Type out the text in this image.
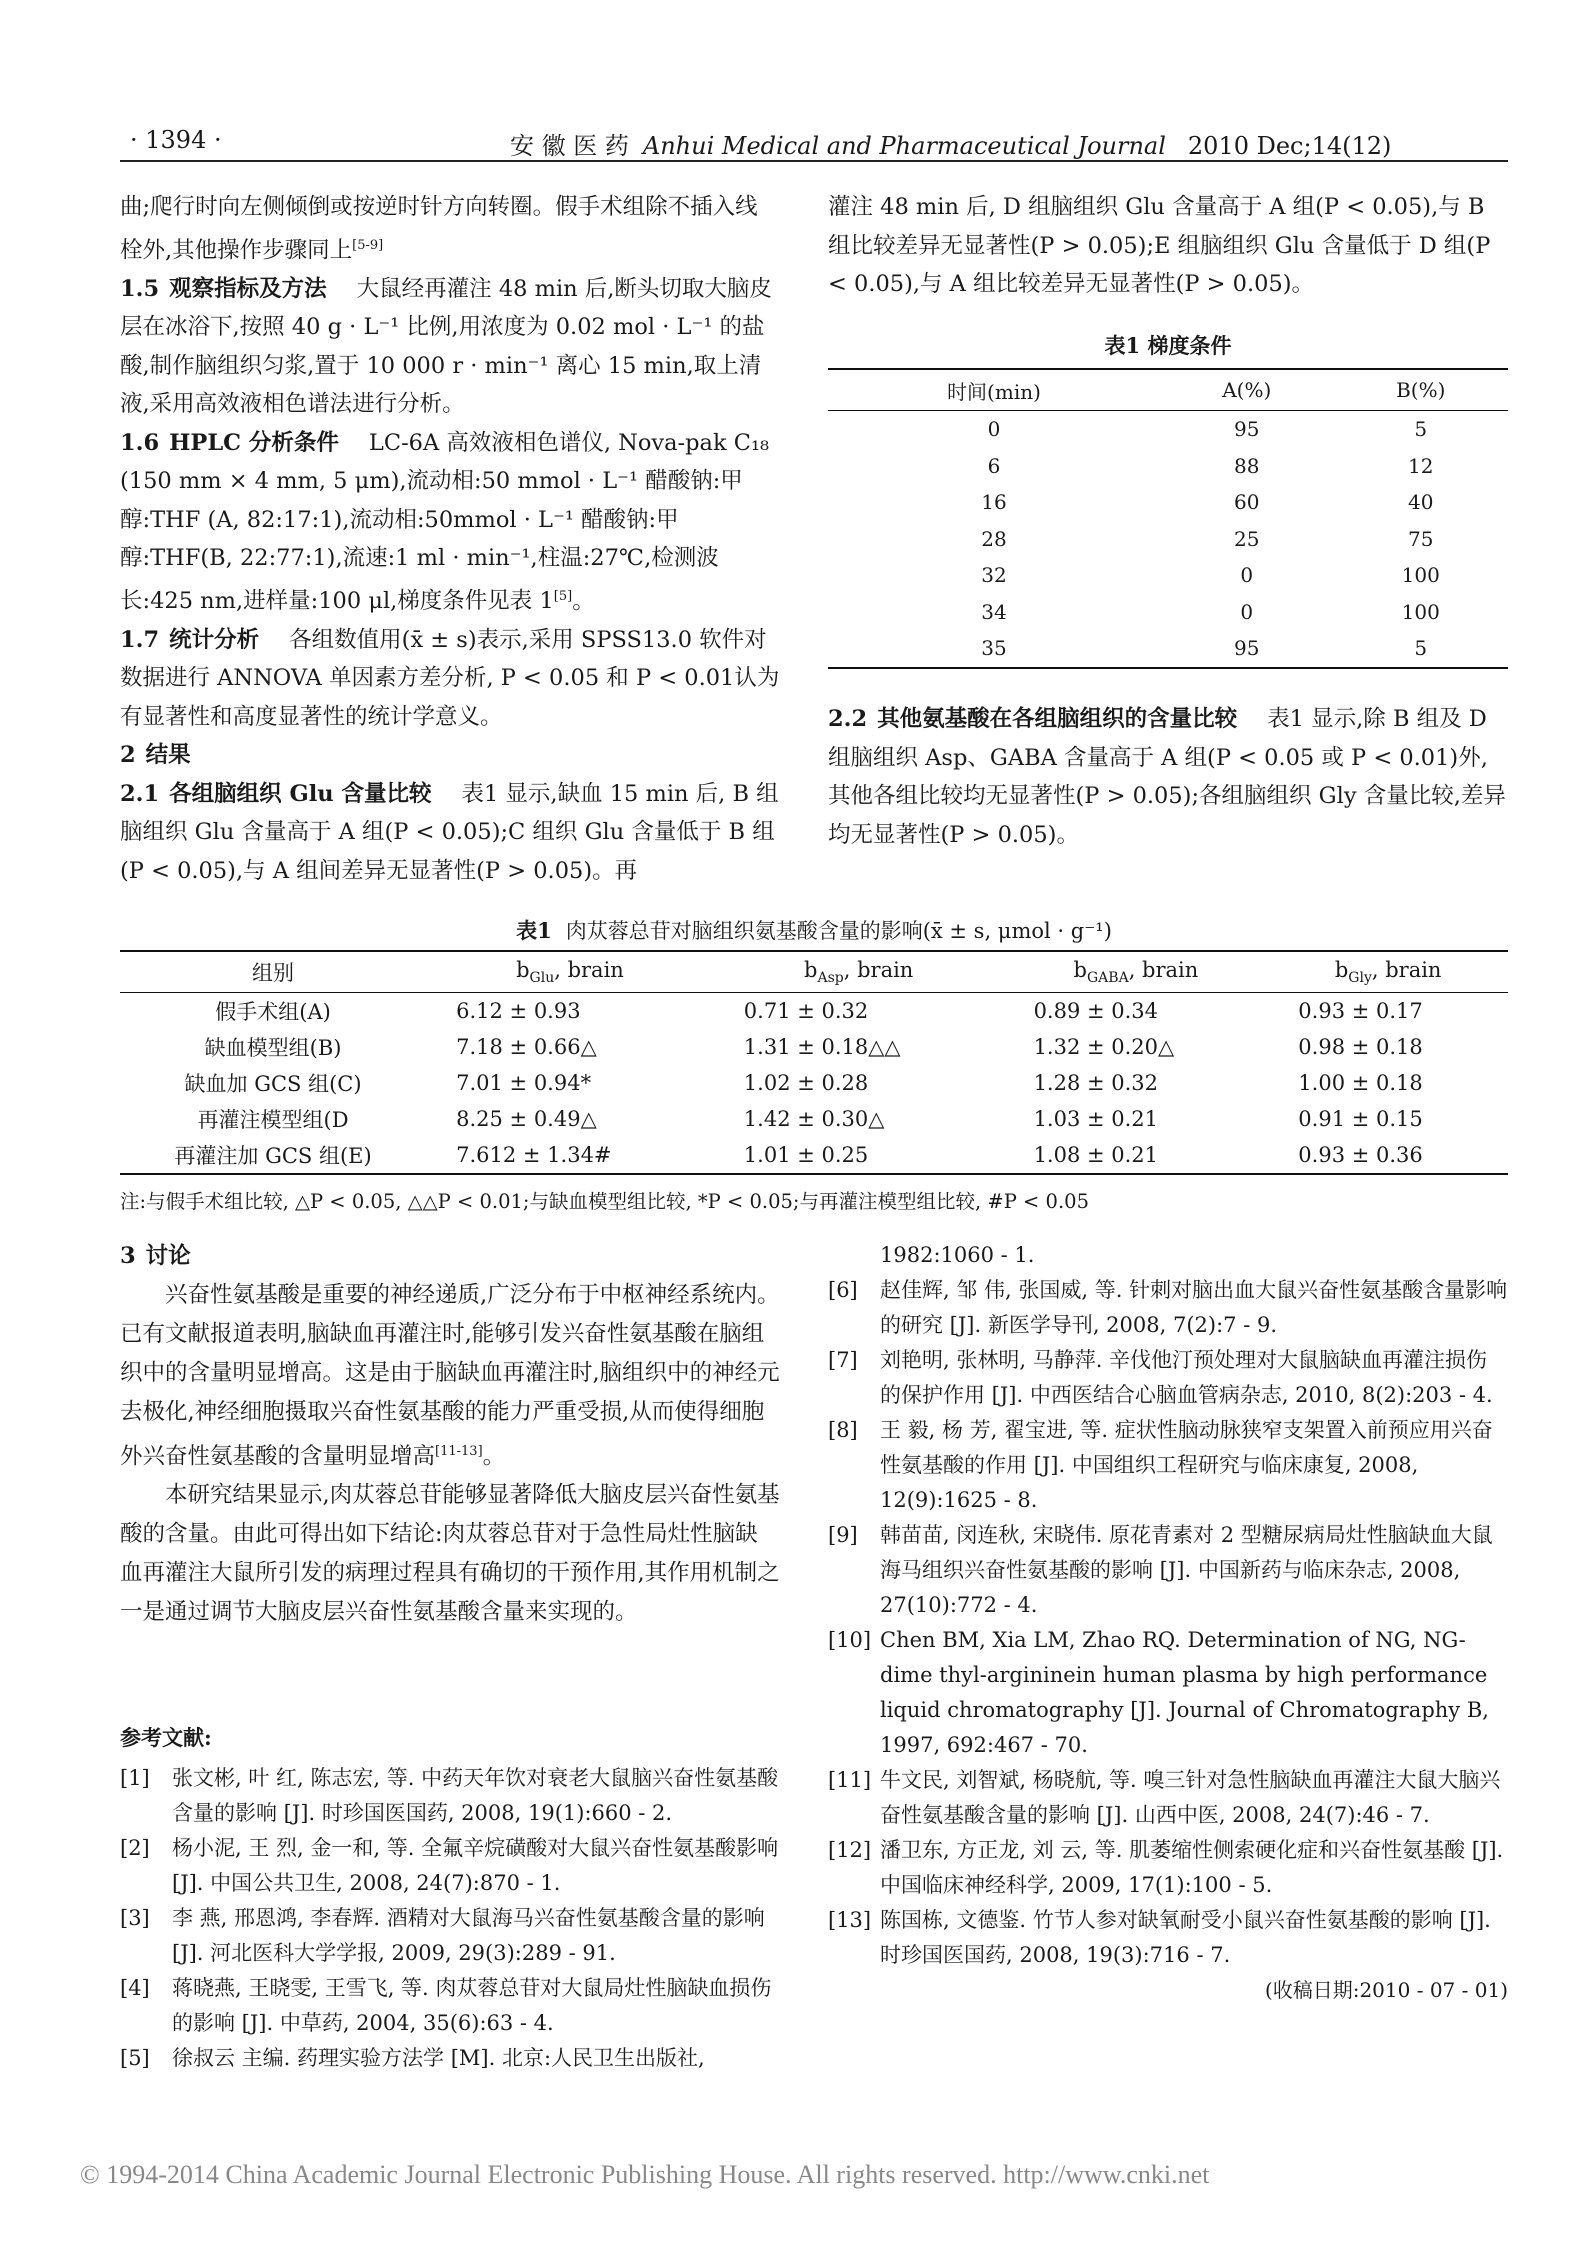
· 1394 ·	安 徽 医 药 Anhui Medical and Pharmaceutical Journal 2010 Dec;14(12)

曲;爬行时向左侧倾倒或按逆时针方向转圈。假手术组除不插入线栓外,其他操作步骤同上[5-9]

1.5 观察指标及方法 大鼠经再灌注 48 min 后,断头切取大脑皮层在冰浴下,按照 40 g · L⁻¹ 比例,用浓度为 0.02 mol · L⁻¹ 的盐酸,制作脑组织匀浆,置于 10 000 r · min⁻¹ 离心 15 min,取上清液,采用高效液相色谱法进行分析。

1.6 HPLC 分析条件 LC-6A 高效液相色谱仪, Nova-pak C₁₈ (150 mm × 4 mm, 5 μm),流动相:50 mmol · L⁻¹ 醋酸钠:甲醇:THF (A, 82:17:1),流动相:50mmol · L⁻¹ 醋酸钠:甲醇:THF(B, 22:77:1),流速:1 ml · min⁻¹,柱温:27℃,检测波长:425 nm,进样量:100 μl,梯度条件见表 1[5]。

1.7 统计分析 各组数值用(x̄ ± s)表示,采用 SPSS13.0 软件对数据进行 ANNOVA 单因素方差分析, P < 0.05 和 P < 0.01认为有显著性和高度显著性的统计学意义。

2 结果

2.1 各组脑组织 Glu 含量比较 表1 显示,缺血 15 min 后, B 组脑组织 Glu 含量高于 A 组(P < 0.05);C 组织 Glu 含量低于 B 组(P < 0.05),与 A 组间差异无显著性(P > 0.05)。再

灌注 48 min 后, D 组脑组织 Glu 含量高于 A 组(P < 0.05),与 B 组比较差异无显著性(P > 0.05);E 组脑组织 Glu 含量低于 D 组(P < 0.05),与 A 组比较差异无显著性(P > 0.05)。

表1 梯度条件
时间(min)	A(%)	B(%)
0	95	5
6	88	12
16	60	40
28	25	75
32	0	100
34	0	100
35	95	5

2.2 其他氨基酸在各组脑组织的含量比较 表1 显示,除 B 组及 D 组脑组织 Asp、GABA 含量高于 A 组(P < 0.05 或 P < 0.01)外,其他各组比较均无显著性(P > 0.05);各组脑组织 Gly 含量比较,差异均无显著性(P > 0.05)。

表1 肉苁蓉总苷对脑组织氨基酸含量的影响(x̄ ± s, μmol · g⁻¹)
组别	$b_{Glu}$, brain	$b_{Asp}$, brain	$b_{GABA}$, brain	$b_{Gly}$, brain
假手术组(A)	6.12 ± 0.93	0.71 ± 0.32	0.89 ± 0.34	0.93 ± 0.17
缺血模型组(B)	7.18 ± 0.66△	1.31 ± 0.18△△	1.32 ± 0.20△	0.98 ± 0.18
缺血加 GCS 组(C)	7.01 ± 0.94*	1.02 ± 0.28	1.28 ± 0.32	1.00 ± 0.18
再灌注模型组(D	8.25 ± 0.49△	1.42 ± 0.30△	1.03 ± 0.21	0.91 ± 0.15
再灌注加 GCS 组(E)	7.612 ± 1.34#	1.01 ± 0.25	1.08 ± 0.21	0.93 ± 0.36
注:与假手术组比较, △P < 0.05, △△P < 0.01;与缺血模型组比较, *P < 0.05;与再灌注模型组比较, #P < 0.05

3 讨论

兴奋性氨基酸是重要的神经递质,广泛分布于中枢神经系统内。已有文献报道表明,脑缺血再灌注时,能够引发兴奋性氨基酸在脑组织中的含量明显增高。这是由于脑缺血再灌注时,脑组织中的神经元去极化,神经细胞摄取兴奋性氨基酸的能力严重受损,从而使得细胞外兴奋性氨基酸的含量明显增高[11-13]。

本研究结果显示,肉苁蓉总苷能够显著降低大脑皮层兴奋性氨基酸的含量。由此可得出如下结论:肉苁蓉总苷对于急性局灶性脑缺血再灌注大鼠所引发的病理过程具有确切的干预作用,其作用机制之一是通过调节大脑皮层兴奋性氨基酸含量来实现的。

参考文献:
[1]	张文彬, 叶 红, 陈志宏, 等. 中药天年饮对衰老大鼠脑兴奋性氨基酸含量的影响 [J]. 时珍国医国药, 2008, 19(1):660 - 2.
[2]	杨小泥, 王 烈, 金一和, 等. 全氟辛烷磺酸对大鼠兴奋性氨基酸影响 [J]. 中国公共卫生, 2008, 24(7):870 - 1.
[3]	李 燕, 邢恩鸿, 李春辉. 酒精对大鼠海马兴奋性氨基酸含量的影响 [J]. 河北医科大学学报, 2009, 29(3):289 - 91.
[4]	蒋晓燕, 王晓雯, 王雪飞, 等. 肉苁蓉总苷对大鼠局灶性脑缺血损伤的影响 [J]. 中草药, 2004, 35(6):63 - 4.
[5]	徐叔云 主编. 药理实验方法学 [M]. 北京:人民卫生出版社,
1982:1060 - 1.
[6]	赵佳辉, 邹 伟, 张国威, 等. 针刺对脑出血大鼠兴奋性氨基酸含量影响的研究 [J]. 新医学导刊, 2008, 7(2):7 - 9.
[7]	刘艳明, 张林明, 马静萍. 辛伐他汀预处理对大鼠脑缺血再灌注损伤的保护作用 [J]. 中西医结合心脑血管病杂志, 2010, 8(2):203 - 4.
[8]	王 毅, 杨 芳, 翟宝进, 等. 症状性脑动脉狭窄支架置入前预应用兴奋性氨基酸的作用 [J]. 中国组织工程研究与临床康复, 2008, 12(9):1625 - 8.
[9]	韩苗苗, 闵连秋, 宋晓伟. 原花青素对 2 型糖尿病局灶性脑缺血大鼠海马组织兴奋性氨基酸的影响 [J]. 中国新药与临床杂志, 2008, 27(10):772 - 4.
[10] Chen BM, Xia LM, Zhao RQ. Determination of NG, NG-dime thyl-argininein human plasma by high performance liquid chromatography [J]. Journal of Chromatography B, 1997, 692:467 - 70.
[11] 牛文民, 刘智斌, 杨晓航, 等. 嗅三针对急性脑缺血再灌注大鼠大脑兴奋性氨基酸含量的影响 [J]. 山西中医, 2008, 24(7):46 - 7.
[12] 潘卫东, 方正龙, 刘 云, 等. 肌萎缩性侧索硬化症和兴奋性氨基酸 [J]. 中国临床神经科学, 2009, 17(1):100 - 5.
[13] 陈国栋, 文德鉴. 竹节人参对缺氧耐受小鼠兴奋性氨基酸的影响 [J]. 时珍国医国药, 2008, 19(3):716 - 7.
(收稿日期:2010 - 07 - 01)
© 1994-2014 China Academic Journal Electronic Publishing House. All rights reserved. http://www.cnki.net
